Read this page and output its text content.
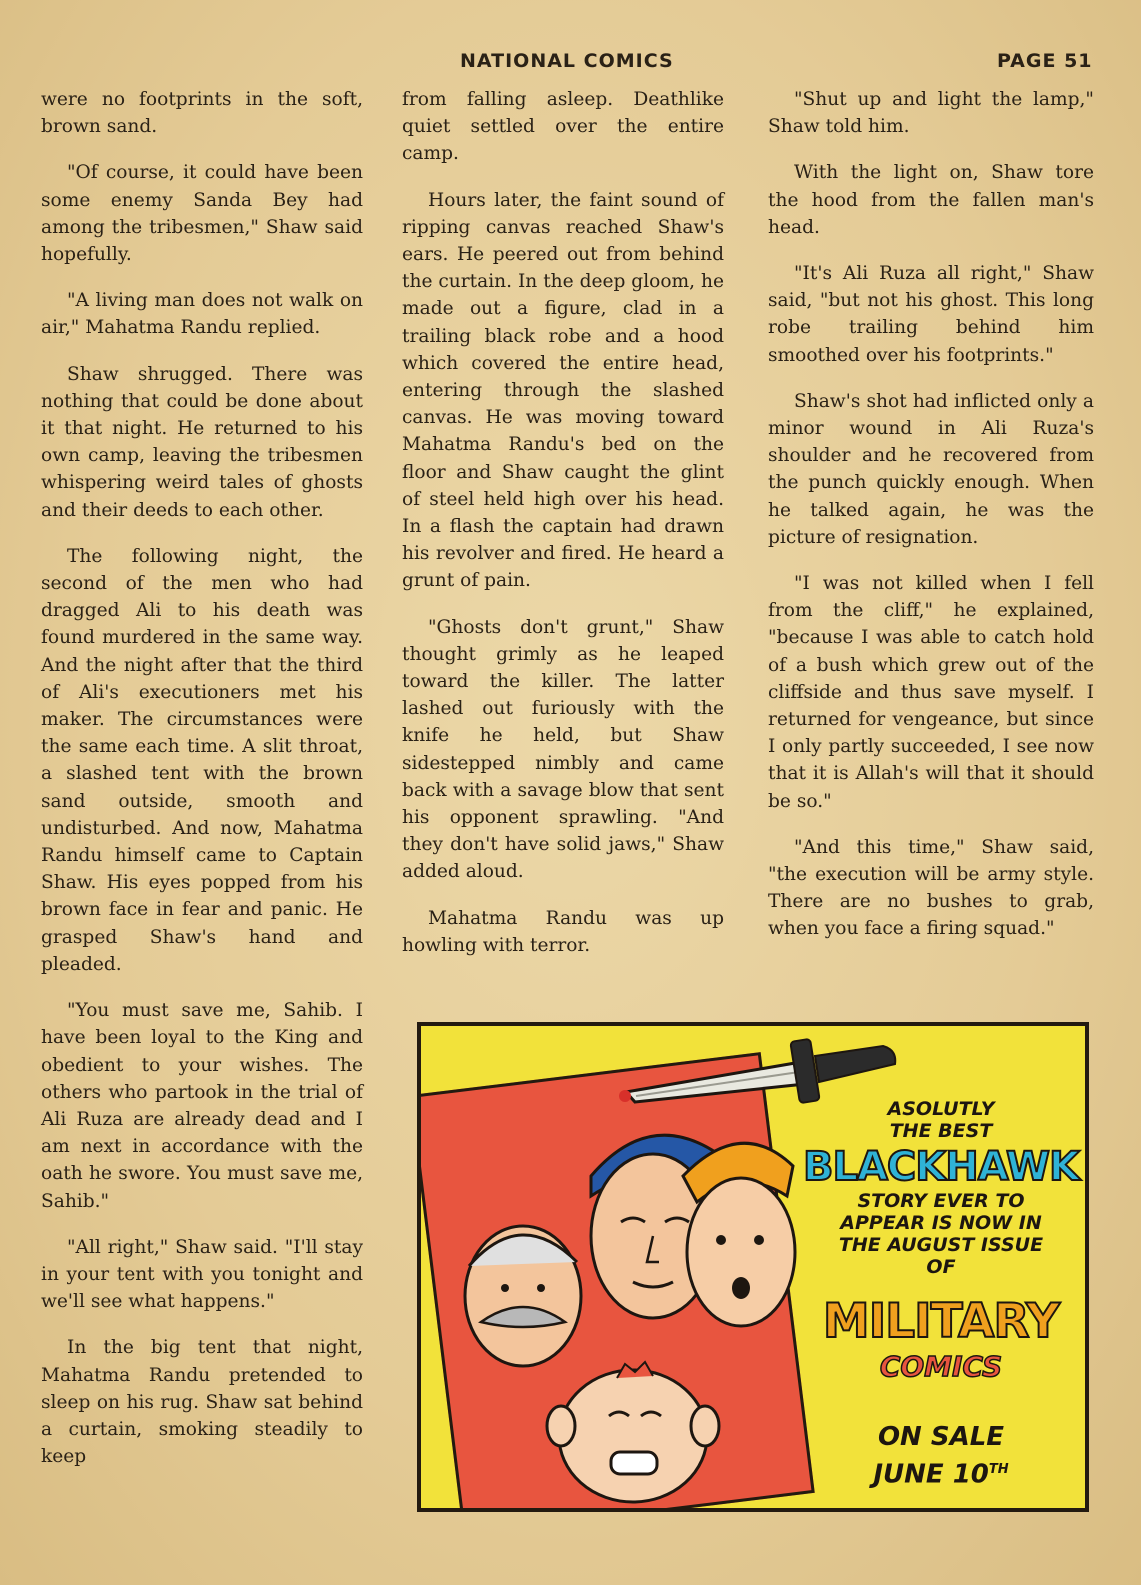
NATIONAL COMICS	PAGE 51

were no footprints in the soft, brown sand.

"Of course, it could have been some enemy Sanda Bey had among the tribesmen," Shaw said hopefully.

"A living man does not walk on air," Mahatma Randu replied.

Shaw shrugged. There was nothing that could be done about it that night. He returned to his own camp, leaving the tribesmen whispering weird tales of ghosts and their deeds to each other.

The following night, the second of the men who had dragged Ali to his death was found murdered in the same way. And the night after that the third of Ali's executioners met his maker. The circumstances were the same each time. A slit throat, a slashed tent with the brown sand outside, smooth and undisturbed. And now, Mahatma Randu himself came to Captain Shaw. His eyes popped from his brown face in fear and panic. He grasped Shaw's hand and pleaded.

"You must save me, Sahib. I have been loyal to the King and obedient to your wishes. The others who partook in the trial of Ali Ruza are already dead and I am next in accordance with the oath he swore. You must save me, Sahib."

"All right," Shaw said. "I'll stay in your tent with you tonight and we'll see what happens."

In the big tent that night, Mahatma Randu pretended to sleep on his rug. Shaw sat behind a curtain, smoking steadily to keep

from falling asleep. Deathlike quiet settled over the entire camp.

Hours later, the faint sound of ripping canvas reached Shaw's ears. He peered out from behind the curtain. In the deep gloom, he made out a figure, clad in a trailing black robe and a hood which covered the entire head, entering through the slashed canvas. He was moving toward Mahatma Randu's bed on the floor and Shaw caught the glint of steel held high over his head. In a flash the captain had drawn his revolver and fired. He heard a grunt of pain.

"Ghosts don't grunt," Shaw thought grimly as he leaped toward the killer. The latter lashed out furiously with the knife he held, but Shaw sidestepped nimbly and came back with a savage blow that sent his opponent sprawling. "And they don't have solid jaws," Shaw added aloud.

Mahatma Randu was up howling with terror.

"Shut up and light the lamp," Shaw told him.

With the light on, Shaw tore the hood from the fallen man's head.

"It's Ali Ruza all right," Shaw said, "but not his ghost. This long robe trailing behind him smoothed over his footprints."

Shaw's shot had inflicted only a minor wound in Ali Ruza's shoulder and he recovered from the punch quickly enough. When he talked again, he was the picture of resignation.

"I was not killed when I fell from the cliff," he explained, "because I was able to catch hold of a bush which grew out of the cliffside and thus save myself. I returned for vengeance, but since I only partly succeeded, I see now that it is Allah's will that it should be so."

"And this time," Shaw said, "the execution will be army style. There are no bushes to grab, when you face a firing squad."

ASOLUTLY
THE BEST
BLACKHAWK
STORY EVER TO
APPEAR IS NOW IN
THE AUGUST ISSUE
OF
MILITARY
COMICS
ON SALE
JUNE 10TH
